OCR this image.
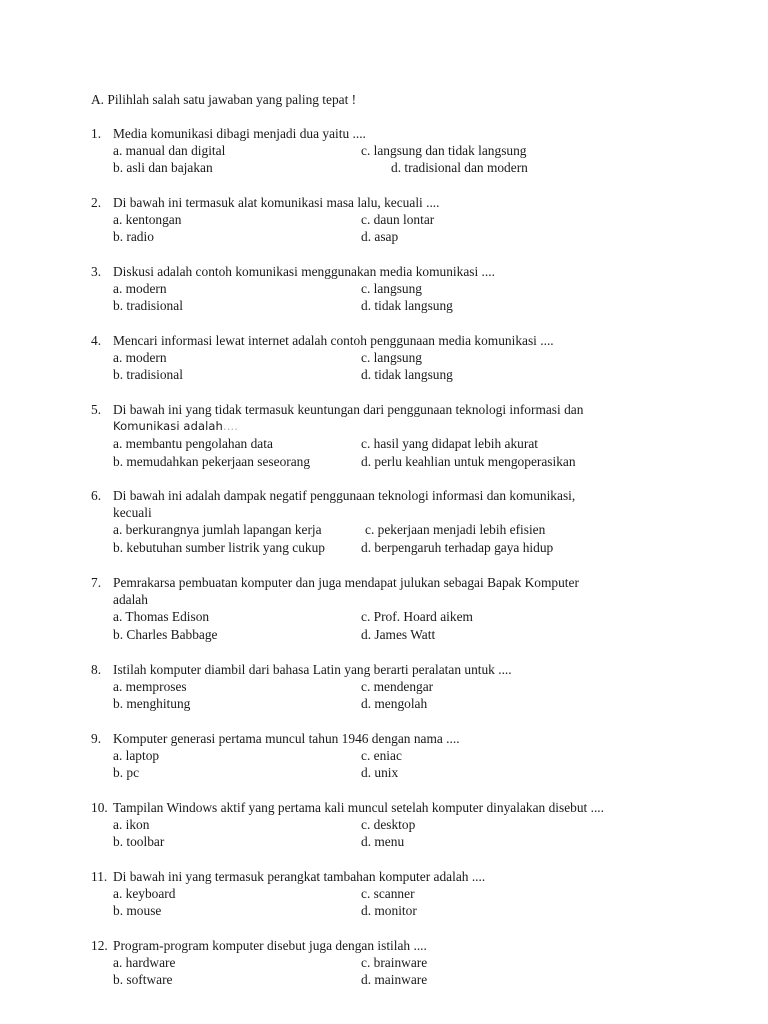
A. Pilihlah salah satu jawaban yang paling tepat !
1. Media komunikasi dibagi menjadi dua yaitu ....
a. manual dan digital
b. asli dan bajakan
c. langsung dan tidak langsung
d. tradisional dan modern
2. Di bawah ini termasuk alat komunikasi masa lalu, kecuali ....
a. kentongan
b. radio
c. daun lontar
d. asap
3. Diskusi adalah contoh komunikasi menggunakan media komunikasi ....
a. modern
b. tradisional
c. langsung
d. tidak langsung
4. Mencari informasi lewat internet adalah contoh penggunaan media komunikasi ....
a. modern
b. tradisional
c. langsung
d. tidak langsung
5. Di bawah ini yang tidak termasuk keuntungan dari penggunaan teknologi informasi dan
Komunikasi adalah....
a. membantu pengolahan data
b. memudahkan pekerjaan seseorang
c. hasil yang didapat lebih akurat
d. perlu keahlian untuk mengoperasikan
6. Di bawah ini adalah dampak negatif penggunaan teknologi informasi dan komunikasi,
kecuali
a. berkurangnya jumlah lapangan kerja
b. kebutuhan sumber listrik yang cukup
c. pekerjaan menjadi lebih efisien
d. berpengaruh terhadap gaya hidup
7. Pemrakarsa pembuatan komputer dan juga mendapat julukan sebagai Bapak Komputer
adalah
a. Thomas Edison
b. Charles Babbage
c. Prof. Hoard aikem
d. James Watt
8. Istilah komputer diambil dari bahasa Latin yang berarti peralatan untuk ....
a. memproses
b. menghitung
c. mendengar
d. mengolah
9. Komputer generasi pertama muncul tahun 1946 dengan nama ....
a. laptop
b. pc
c. eniac
d. unix
10. Tampilan Windows aktif yang pertama kali muncul setelah komputer dinyalakan disebut ....
a. ikon
b. toolbar
c. desktop
d. menu
11. Di bawah ini yang termasuk perangkat tambahan komputer adalah ....
a. keyboard
b. mouse
c. scanner
d. monitor
12. Program-program komputer disebut juga dengan istilah ....
a. hardware
b. software
c. brainware
d. mainware
